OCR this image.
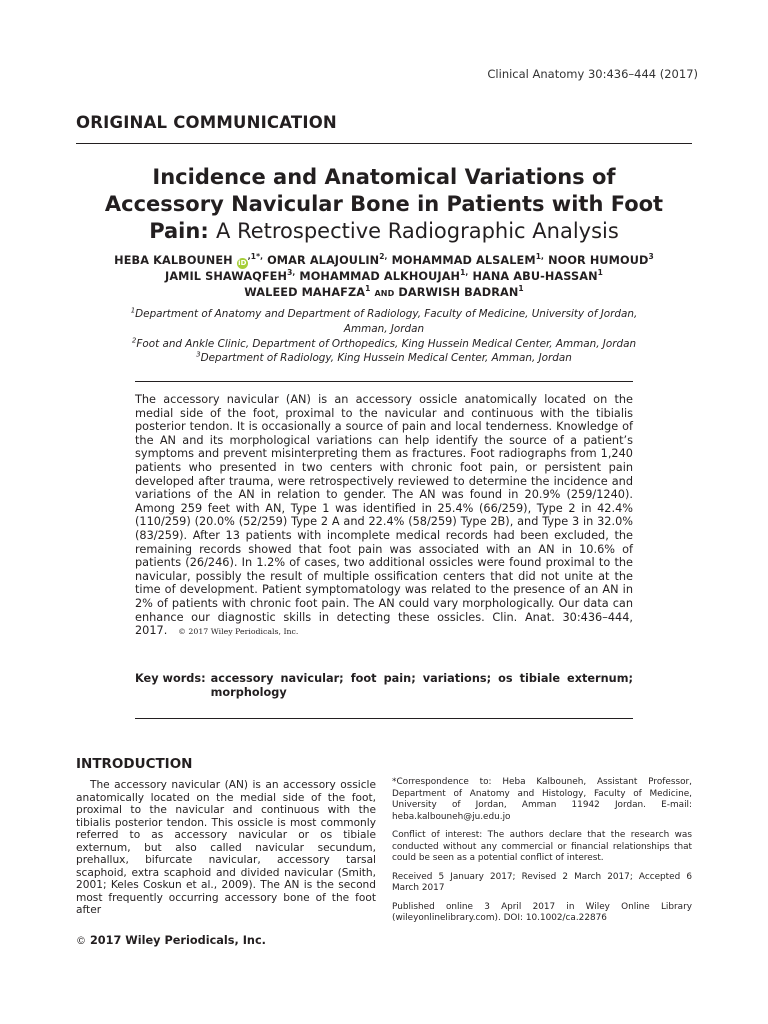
Clinical Anatomy 30:436–444 (2017)
ORIGINAL COMMUNICATION
Incidence and Anatomical Variations of
Accessory Navicular Bone in Patients with Foot
Pain: A Retrospective Radiographic Analysis
HEBA KALBOUNEH $iD^{,1*,}$ OMAR $ALAJOULIN^{2,}$ MOHAMMAD $ALSALEM^{1,}$ NOOR HUMOUD$^3$
JAMIL $SHAWAQFEH^{3,}$ MOHAMMAD $ALKHOUJAH^{1,}$ HANA ABU-HASSAN$^1$
WALEED MAHAFZA$^1$ AND DARWISH BADRAN$^1$
$^1$Department of Anatomy and Department of Radiology, Faculty of Medicine, University of Jordan,
Amman, Jordan
$^2$Foot and Ankle Clinic, Department of Orthopedics, King Hussein Medical Center, Amman, Jordan
$^3$Department of Radiology, King Hussein Medical Center, Amman, Jordan
The accessory navicular (AN) is an accessory ossicle anatomically located on the medial side of the foot, proximal to the navicular and continuous with the tibialis posterior tendon. It is occasionally a source of pain and local tenderness. Knowledge of the AN and its morphological variations can help identify the source of a patient’s symptoms and prevent misinterpreting them as fractures. Foot radiographs from 1,240 patients who presented in two centers with chronic foot pain, or persistent pain developed after trauma, were retrospectively reviewed to determine the incidence and variations of the AN in relation to gender. The AN was found in 20.9% (259/1240). Among 259 feet with AN, Type 1 was identified in 25.4% (66/259), Type 2 in 42.4% (110/259) (20.0% (52/259) Type 2 A and 22.4% (58/259) Type 2B), and Type 3 in 32.0% (83/259). After 13 patients with incomplete medical records had been excluded, the remaining records showed that foot pain was associated with an AN in 10.6% of patients (26/246). In 1.2% of cases, two additional ossicles were found proximal to the navicular, possibly the result of multiple ossification centers that did not unite at the time of development. Patient symptomatology was related to the presence of an AN in 2% of patients with chronic foot pain. The AN could vary morphologically. Our data can enhance our diagnostic skills in detecting these ossicles. Clin. Anat. 30:436–444, 2017. © 2017 Wiley Periodicals, Inc.
Key words: accessory navicular; foot pain; variations; os tibiale externum; morphology
INTRODUCTION
The accessory navicular (AN) is an accessory ossicle anatomically located on the medial side of the foot, proximal to the navicular and continuous with the tibialis posterior tendon. This ossicle is most commonly referred to as accessory navicular or os tibiale externum, but also called navicular secundum, prehallux, bifurcate navicular, accessory tarsal scaphoid, extra scaphoid and divided navicular (Smith, 2001; Keles Coskun et al., 2009). The AN is the second most frequently occurring accessory bone of the foot after

*Correspondence to: Heba Kalbouneh, Assistant Professor, Department of Anatomy and Histology, Faculty of Medicine, University of Jordan, Amman 11942 Jordan. E-mail: heba.kalbouneh@ju.edu.jo

Conflict of interest: The authors declare that the research was conducted without any commercial or financial relationships that could be seen as a potential conflict of interest.

Received 5 January 2017; Revised 2 March 2017; Accepted 6 March 2017

Published online 3 April 2017 in Wiley Online Library (wileyonlinelibrary.com). DOI: 10.1002/ca.22876

© 2017 Wiley Periodicals, Inc.
